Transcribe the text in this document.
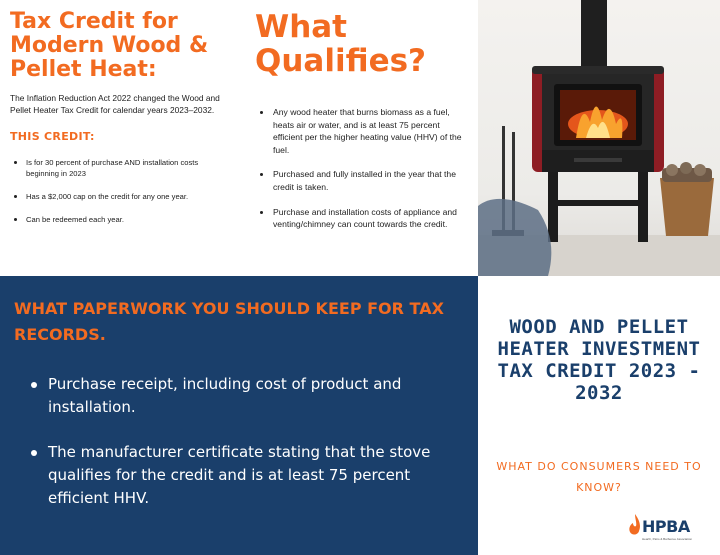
Tax Credit for Modern Wood & Pellet Heat:

The Inflation Reduction Act 2022 changed the Wood and Pellet Heater Tax Credit for calendar years 2023–2032.

THIS CREDIT:

Is for 30 percent of purchase AND installation costs beginning in 2023
Has a $2,000 cap on the credit for any one year.
Can be redeemed each year.
What Qualifies?
Any wood heater that burns biomass as a fuel, heats air or water, and is at least 75 percent efficient per the higher heating value (HHV) of the fuel.
Purchased and fully installed in the year that the credit is taken.
Purchase and installation costs of appliance and venting/chimney can count towards the credit.
WHAT PAPERWORK YOU SHOULD KEEP FOR TAX RECORDS.
Purchase receipt, including cost of product and installation.
The manufacturer certificate stating that the stove qualifies for the credit and is at least 75 percent efficient HHV.
WOOD AND PELLET HEATER INVESTMENT TAX CREDIT 2023 - 2032

WHAT DO CONSUMERS NEED TO KNOW?

HPBA
Hearth, Patio & Barbecue Association
